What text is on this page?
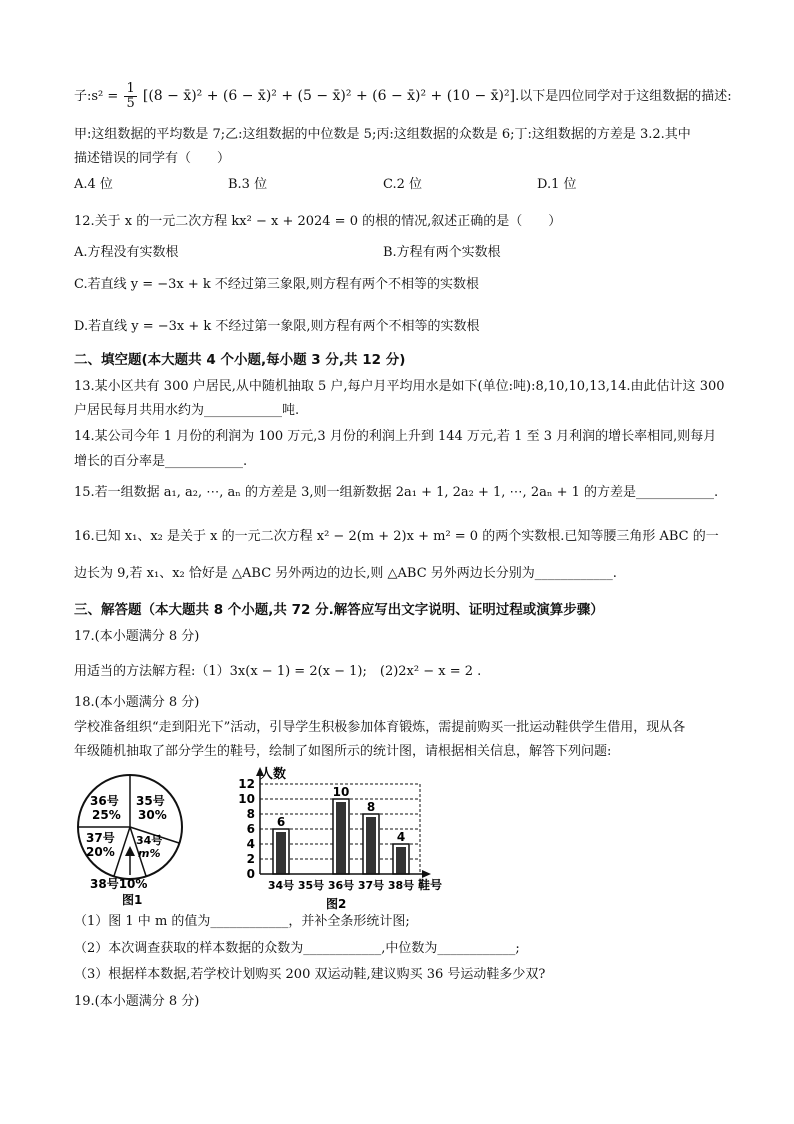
子:s² = $\frac{1}{5} [(8$ − x̄)² + (6 − x̄)² + (5 − x̄)² + (6 − x̄)² + (10 − x̄)²].以下是四位同学对于这组数据的描述:
甲:这组数据的平均数是 7;乙:这组数据的中位数是 5;丙:这组数据的众数是 6;丁:这组数据的方差是 3.2.其中
描述错误的同学有（　　）
A.4 位	B.3 位	C.2 位	D.1 位
12.关于 x 的一元二次方程 kx² − x + 2024 = 0 的根的情况,叙述正确的是（　　）
A.方程没有实数根	B.方程有两个实数根
C.若直线 y = −3x + k 不经过第三象限,则方程有两个不相等的实数根
D.若直线 y = −3x + k 不经过第一象限,则方程有两个不相等的实数根
二、填空题(本大题共 4 个小题,每小题 3 分,共 12 分)
13.某小区共有 300 户居民,从中随机抽取 5 户,每户月平均用水是如下(单位:吨):8,10,10,13,14.由此估计这 300
户居民每月共用水约为____________吨.
14.某公司今年 1 月份的利润为 100 万元,3 月份的利润上升到 144 万元,若 1 至 3 月利润的增长率相同,则每月
增长的百分率是____________.
15.若一组数据 a₁, a₂, ⋯, aₙ 的方差是 3,则一组新数据 2a₁ + 1, 2a₂ + 1, ⋯, 2aₙ + 1 的方差是____________.
16.已知 x₁、x₂ 是关于 x 的一元二次方程 x² − 2(m + 2)x + m² = 0 的两个实数根.已知等腰三角形 ABC 的一
边长为 9,若 x₁、x₂ 恰好是 △ABC 另外两边的边长,则 △ABC 另外两边长分别为____________.
三、解答题（本大题共 8 个小题,共 72 分.解答应写出文字说明、证明过程或演算步骤）
17.(本小题满分 8 分)
用适当的方法解方程:（1）3x(x − 1) = 2(x − 1);　(2)2x² − x = 2 .
18.(本小题满分 8 分)
学校准备组织“走到阳光下”活动，引导学生积极参加体育锻炼，需提前购买一批运动鞋供学生借用，现从各
年级随机抽取了部分学生的鞋号，绘制了如图所示的统计图，请根据相关信息，解答下列问题:
36号
25%
35号
30%
37号
20%
34号
m%
38号10%
图1
0
2
4
6
8
10
12
6
10
8
4
34号 35号 36号 37号 38号
人数
鞋号
图2
（1）图 1 中 m 的值为____________，并补全条形统计图;
（2）本次调查获取的样本数据的众数为____________,中位数为____________;
（3）根据样本数据,若学校计划购买 200 双运动鞋,建议购买 36 号运动鞋多少双?
19.(本小题满分 8 分)
